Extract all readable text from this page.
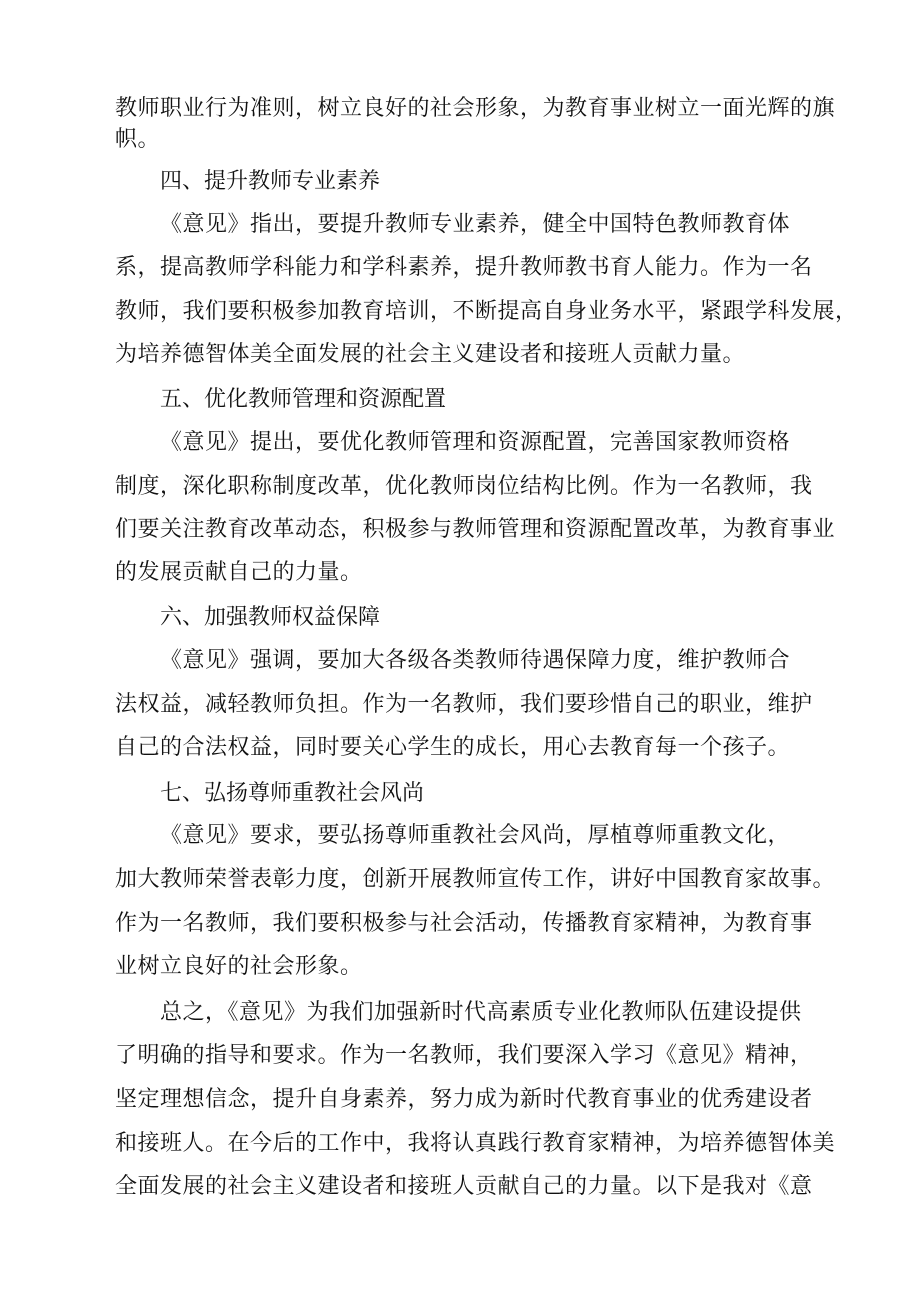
教师职业行为准则，树立良好的社会形象，为教育事业树立一面光辉的旗
帜。
四、提升教师专业素养
《意见》指出，要提升教师专业素养，健全中国特色教师教育体
系，提高教师学科能力和学科素养，提升教师教书育人能力。作为一名
教师，我们要积极参加教育培训，不断提高自身业务水平，紧跟学科发展，
为培养德智体美全面发展的社会主义建设者和接班人贡献力量。
五、优化教师管理和资源配置
《意见》提出，要优化教师管理和资源配置，完善国家教师资格
制度，深化职称制度改革，优化教师岗位结构比例。作为一名教师，我
们要关注教育改革动态，积极参与教师管理和资源配置改革，为教育事业
的发展贡献自己的力量。
六、加强教师权益保障
《意见》强调，要加大各级各类教师待遇保障力度，维护教师合
法权益，减轻教师负担。作为一名教师，我们要珍惜自己的职业，维护
自己的合法权益，同时要关心学生的成长，用心去教育每一个孩子。
七、弘扬尊师重教社会风尚
《意见》要求，要弘扬尊师重教社会风尚，厚植尊师重教文化，
加大教师荣誉表彰力度，创新开展教师宣传工作，讲好中国教育家故事。
作为一名教师，我们要积极参与社会活动，传播教育家精神，为教育事
业树立良好的社会形象。
总之，《意见》为我们加强新时代高素质专业化教师队伍建设提供
了明确的指导和要求。作为一名教师，我们要深入学习《意见》精神，
坚定理想信念，提升自身素养，努力成为新时代教育事业的优秀建设者
和接班人。在今后的工作中，我将认真践行教育家精神，为培养德智体美
全面发展的社会主义建设者和接班人贡献自己的力量。以下是我对《意
